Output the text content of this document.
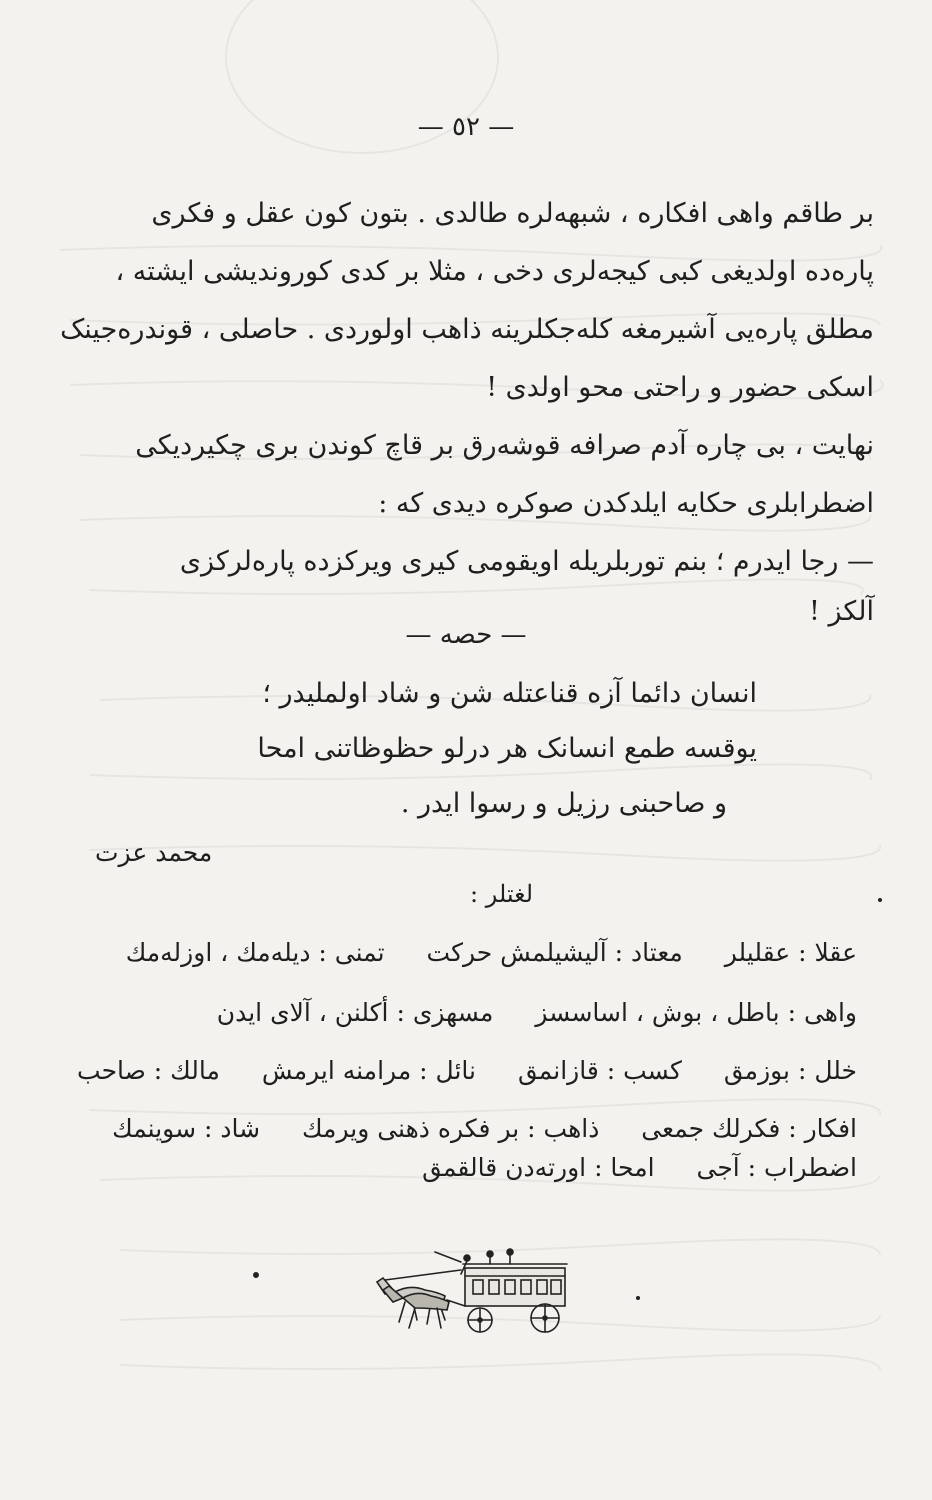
— ٥٢ —
بر طاقم واهی افکاره ، شبهه‌لره طالدی . بتون کون عقل و فکری
پاره‌ده اولدیغی کبی کیجه‌لری دخی ، مثلا بر کدی کوروندیشی ایشته ،
مطلق پاره‌یی آشیرمغه کله‌جکلرینه ذاهب اولوردی . حاصلی ، قوندره‌جینک
اسکی حضور و راحتی محو اولدی !
نهایت ، بی چاره آدم صرافه قوشه‌رق بر قاچ کوندن بری چکیردیکی
اضطرابلری حکایه ایلدکدن صوکره دیدی که :
— رجا ایدرم ؛ بنم توربلریله اویقومی کیری ویرکزده پاره‌لرکزی
آلکز !
— حصه —
انسان دائما آزه قناعتله شن و شاد اولملیدر ؛
یوقسه طمع انسانک هر درلو حظوظاتنی امحا
و صاحبنی رزیل و رسوا ایدر .
محمد عزت
لغتلر :
عقلا : عقلیلر معتاد : آلیشیلمش حرکت تمنی : دیله‌مك ، اوزله‌مك
واهی : باطل ، بوش ، اساسسز مسهزی : أکلنن ، آلای ایدن
خلل : بوزمق کسب : قازانمق نائل : مرامنه ایرمش مالك : صاحب
افکار : فکرلك جمعی ذاهب : بر فکره ذهنی ویرمك شاد : سوینمك
اضطراب : آجی امحا : اورته‌دن قالقمق
